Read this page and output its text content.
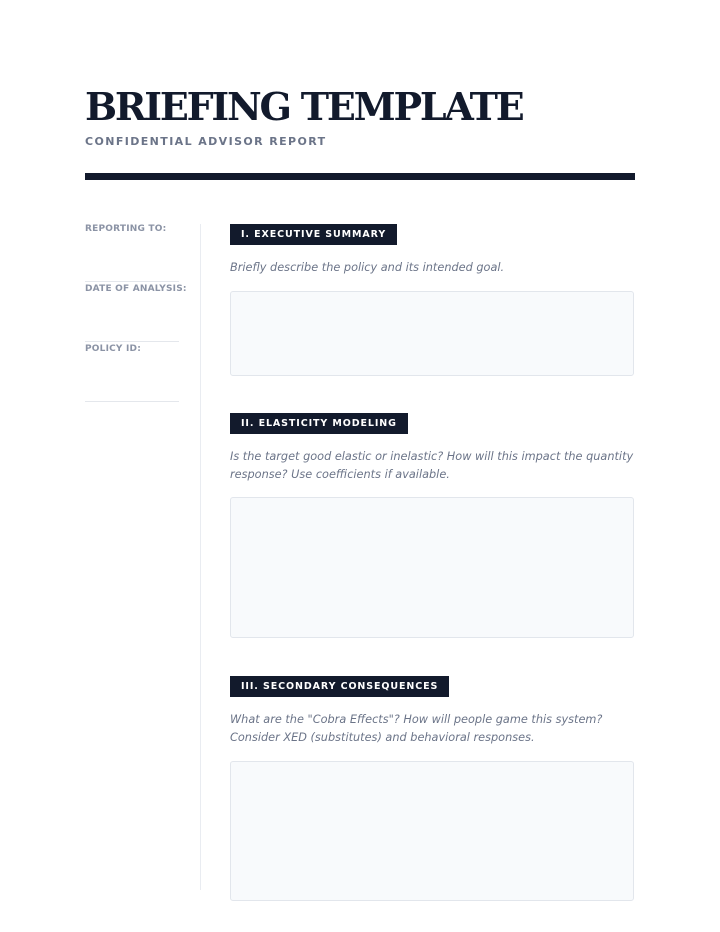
BRIEFING TEMPLATE
CONFIDENTIAL ADVISOR REPORT
REPORTING TO:
DATE OF ANALYSIS:
POLICY ID:
I. EXECUTIVE SUMMARY
Briefly describe the policy and its intended goal.
II. ELASTICITY MODELING
Is the target good elastic or inelastic? How will this impact the quantity response? Use coefficients if available.
III. SECONDARY CONSEQUENCES
What are the "Cobra Effects"? How will people game this system? Consider XED (substitutes) and behavioral responses.
